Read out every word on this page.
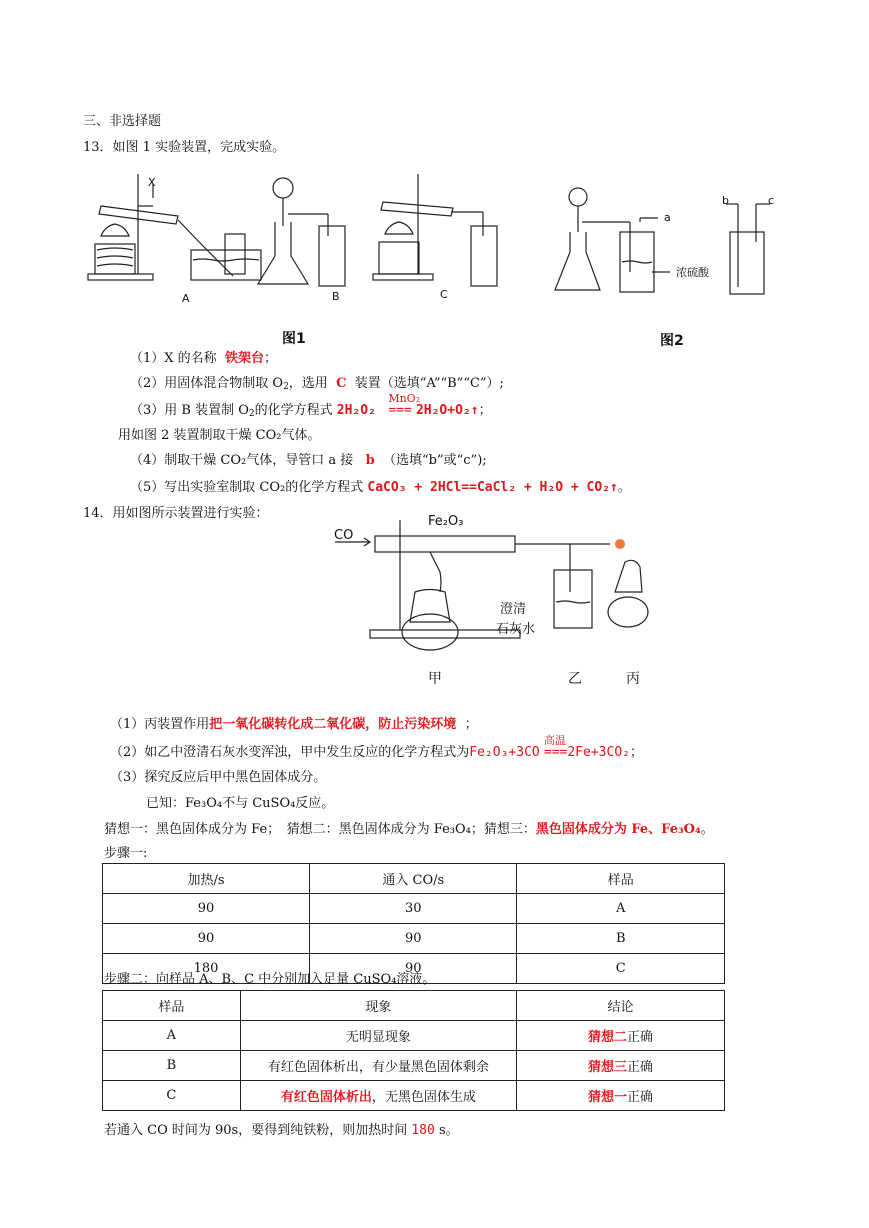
三、非选择题
13．如图 1 实验装置，完成实验。
X
A	B	C
a
浓硫酸
b	c
图1	图2
（1）X 的名称 铁架台；
（2）用固体混合物制取 $O_2$，选用 C 装置（选填“A”“B”“C”）;
（3）用 B 装置制 $O_2$的化学方程式 2H₂O₂
MnO₂
=== 2H₂O+O₂↑；
用如图 2 装置制取干燥 CO₂气体。
（4）制取干燥 CO₂气体，导管口 a 接 b （选填“b”或“c”);
（5）写出实验室制取 CO₂的化学方程式 CaCO₃ + 2HCl==CaCl₂ + H₂O + CO₂↑。
14．用如图所示装置进行实验：
CO
Fe₂O₃
澄清
石灰水
甲	乙	丙
（1）丙装置作用把一氧化碳转化成二氧化碳，防止污染环境 ；
（2）如乙中澄清石灰水变浑浊，甲中发生反应的化学方程式为Fe₂O₃+3CO
高温
===2Fe+3CO₂；
（3）探究反应后甲中黑色固体成分。
已知：Fe₃O₄不与 CuSO₄反应。
猜想一：黑色固体成分为 Fe；　猜想二：黑色固体成分为 Fe₃O₄；猜想三：黑色固体成分为 Fe、Fe₃O₄。
步骤一:
加热/s	通入 CO/s	样品
90	30	A
90	90	B
180	90	C
步骤二：向样品 A、B、C 中分别加入足量 CuSO₄溶液。
样品	现象	结论
A	无明显现象	猜想二正确
B	有红色固体析出，有少量黑色固体剩余	猜想三正确
C	有红色固体析出，无黑色固体生成	猜想一正确
若通入 CO 时间为 90s，要得到纯铁粉，则加热时间 180 s。
